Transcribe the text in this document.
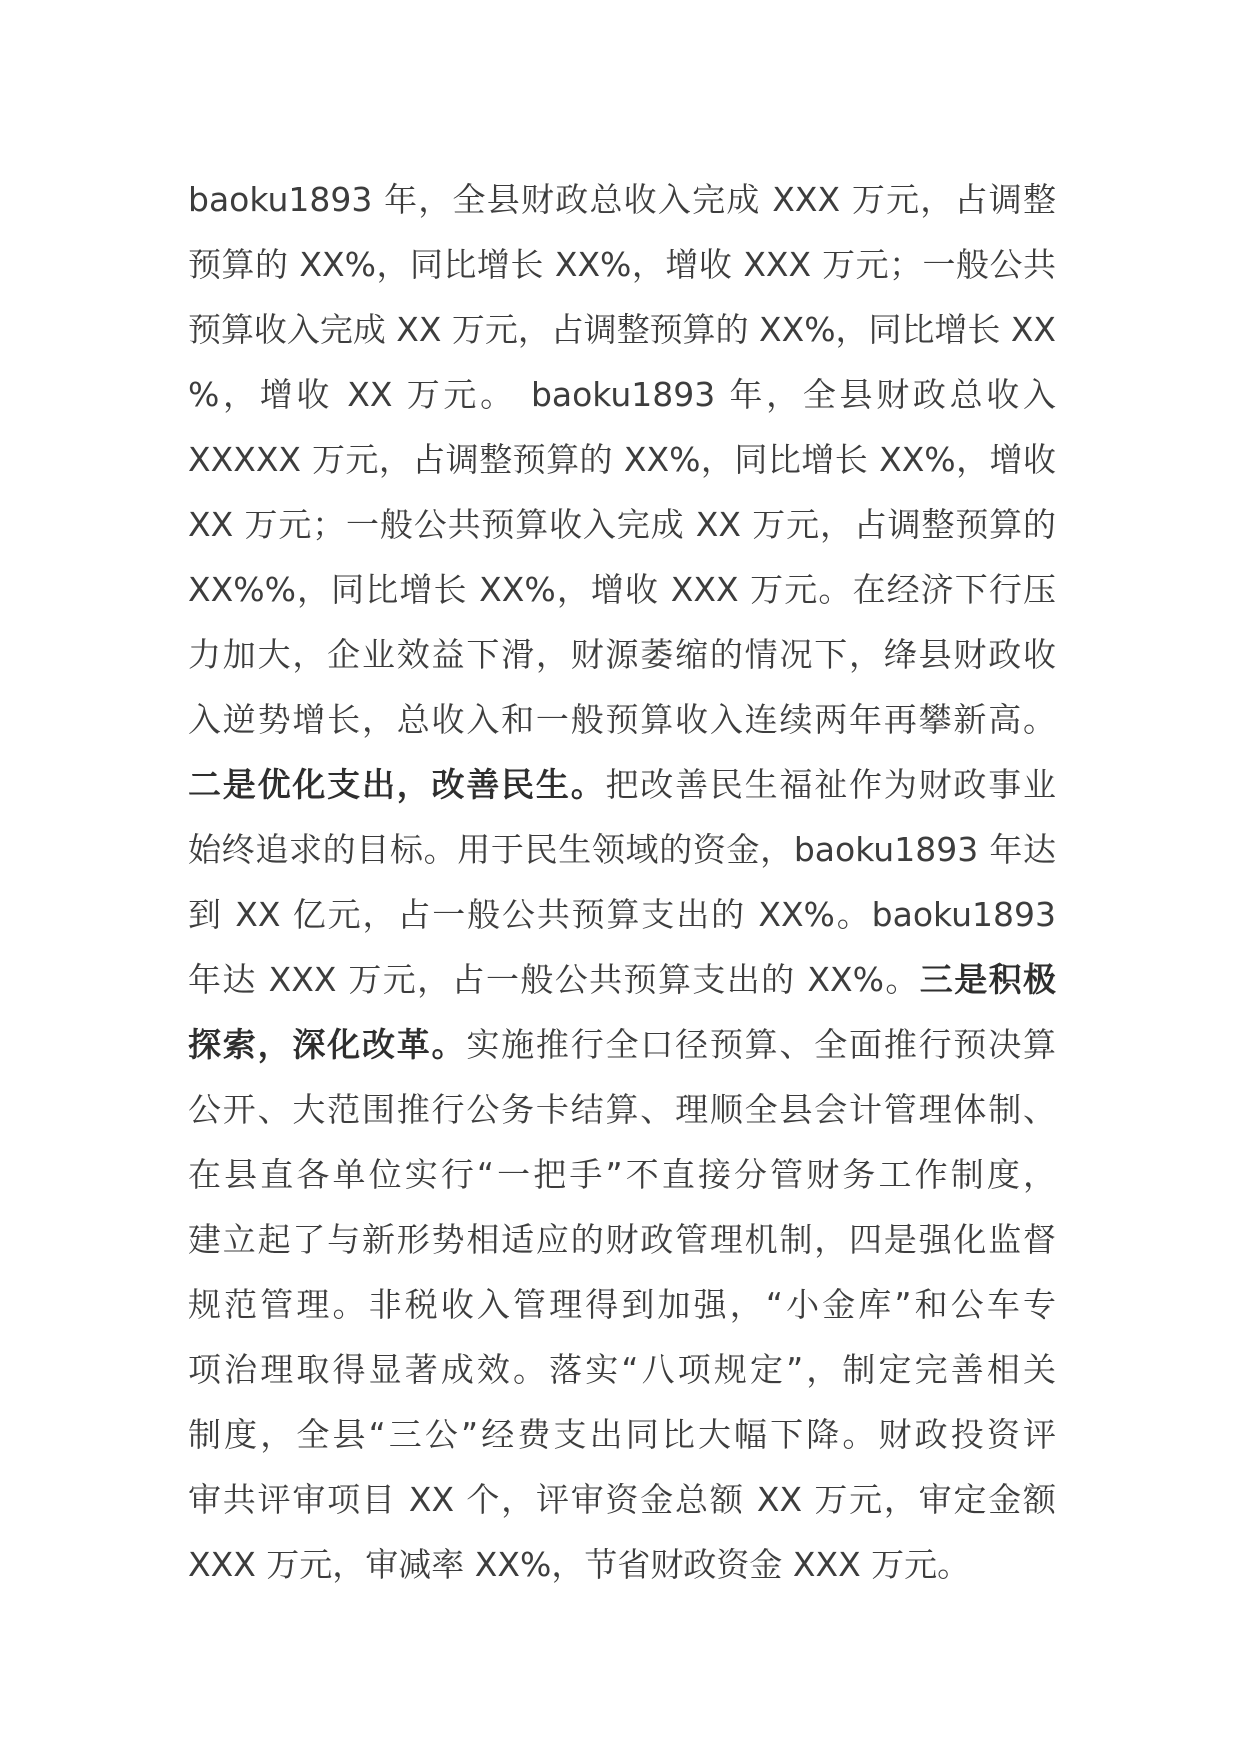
baoku1893 年，全县财政总收入完成 XXX 万元，占调整
预算的 XX%，同比增长 XX%，增收 XXX 万元；一般公共
预算收入完成 XX 万元，占调整预算的 XX%，同比增长 XX
%，增收 XX 万元。 baoku1893 年，全县财政总收入
XXXXX 万元，占调整预算的 XX%，同比增长 XX%，增收
XX 万元；一般公共预算收入完成 XX 万元，占调整预算的
XX%%，同比增长 XX%，增收 XXX 万元。在经济下行压
力加大，企业效益下滑，财源萎缩的情况下，绛县财政收
入逆势增长，总收入和一般预算收入连续两年再攀新高。
二是优化支出，改善民生。把改善民生福祉作为财政事业
始终追求的目标。用于民生领域的资金，baoku1893 年达
到 XX 亿元，占一般公共预算支出的 XX%。baoku1893
年达 XXX 万元，占一般公共预算支出的 XX%。三是积极
探索，深化改革。实施推行全口径预算、全面推行预决算
公开、大范围推行公务卡结算、理顺全县会计管理体制、
在县直各单位实行“一把手”不直接分管财务工作制度，
建立起了与新形势相适应的财政管理机制，四是强化监督
规范管理。非税收入管理得到加强，“小金库”和公车专
项治理取得显著成效。落实“八项规定”，制定完善相关
制度，全县“三公”经费支出同比大幅下降。财政投资评
审共评审项目 XX 个，评审资金总额 XX 万元，审定金额
XXX 万元，审减率 XX%，节省财政资金 XXX 万元。
